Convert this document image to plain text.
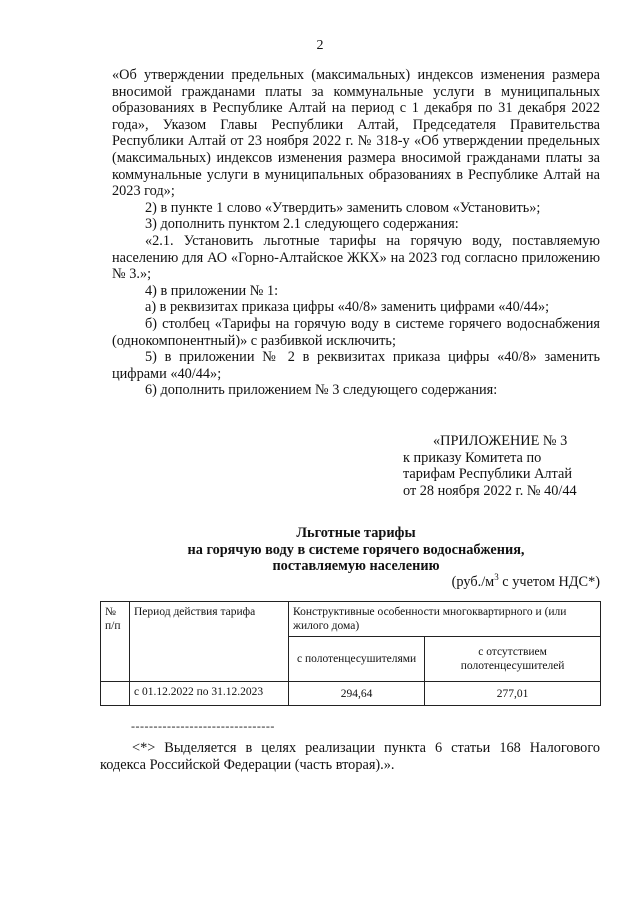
2

«Об утверждении предельных (максимальных) индексов изменения размера вносимой гражданами платы за коммунальные услуги в муниципальных образованиях в Республике Алтай на период с 1 декабря по 31 декабря 2022 года», Указом Главы Республики Алтай, Председателя Правительства Республики Алтай от 23 ноября 2022 г. № 318-у «Об утверждении предельных (максимальных) индексов изменения размера вносимой гражданами платы за коммунальные услуги в муниципальных образованиях в Республике Алтай на 2023 год»;

2) в пункте 1 слово «Утвердить» заменить словом «Установить»;

3) дополнить пунктом 2.1 следующего содержания:

«2.1. Установить льготные тарифы на горячую воду, поставляемую населению для АО «Горно-Алтайское ЖКХ» на 2023 год согласно приложению № 3.»;

4) в приложении № 1:

а) в реквизитах приказа цифры «40/8» заменить цифрами «40/44»;

б) столбец «Тарифы на горячую воду в системе горячего водоснабжения (однокомпонентный)» с разбивкой исключить;

5) в приложении № 2 в реквизитах приказа цифры «40/8» заменить цифрами «40/44»;

6) дополнить приложением № 3 следующего содержания:

«ПРИЛОЖЕНИЕ № 3
к приказу Комитета по
тарифам Республики Алтай
от 28 ноября 2022 г. № 40/44
Льготные тарифы
на горячую воду в системе горячего водоснабжения,
поставляемую населению
($руб./м^3$ с учетом НДС*)
№ п/п	Период действия тарифа	Конструктивные особенности многоквартирного и (или жилого дома)	
		с полотенцесушителями	с отсутствием полотенцесушителей
	с 01.12.2022 по 31.12.2023	294,64	277,01
--------------------------------

<*> Выделяется в целях реализации пункта 6 статьи 168 Налогового кодекса Российской Федерации (часть вторая).».
